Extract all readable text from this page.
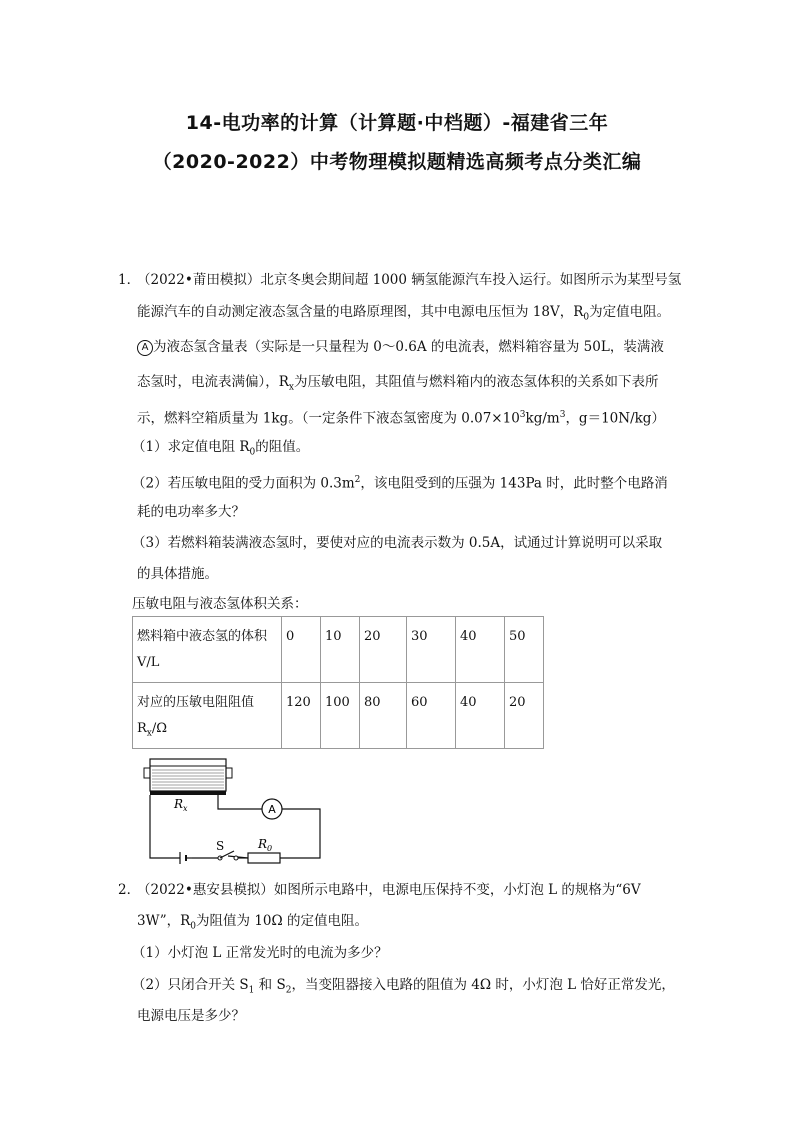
14-电功率的计算（计算题·中档题）-福建省三年
（2020-2022）中考物理模拟题精选高频考点分类汇编
1．
（2022•莆田模拟）北京冬奥会期间超 1000 辆氢能源汽车投入运行。如图所示为某型号氢
能源汽车的自动测定液态氢含量的电路原理图，其中电源电压恒为 18V，$R_0$为定值电阻。
A 为液态氢含量表（实际是一只量程为 0～0.6A 的电流表，燃料箱容量为 50L，装满液
态氢时，电流表满偏），$R_x$为压敏电阻，其阻值与燃料箱内的液态氢体积的关系如下表所
示，燃料空箱质量为 1kg。（一定条件下液态氢密度为 $0.07\times 10^3kg/m^3$，g＝10N/kg）
（1）求定值电阻 $R_0$的阻值。
（2）若压敏电阻的受力面积为 $0.3m^2$，该电阻受到的压强为 143Pa 时，此时整个电路消
耗的电功率多大？
（3）若燃料箱装满液态氢时，要使对应的电流表示数为 0.5A，试通过计算说明可以采取
的具体措施。
压敏电阻与液态氢体积关系：
燃料箱中液态氢的体积
V/L	0	10	20	30	40	50
对应的压敏电阻阻值
$R_x/\Omega$	120	100	80	60	40	20
A
$R_x$
S	$R_0$
2．
（2022•惠安县模拟）如图所示电路中，电源电压保持不变，小灯泡 L 的规格为“6V
3W”，$R_0$为阻值为 10Ω 的定值电阻。
（1）小灯泡 L 正常发光时的电流为多少？
（2）只闭合开关 $S_1$ 和 $S_2$，当变阻器接入电路的阻值为 4Ω 时，小灯泡 L 恰好正常发光，
电源电压是多少？
